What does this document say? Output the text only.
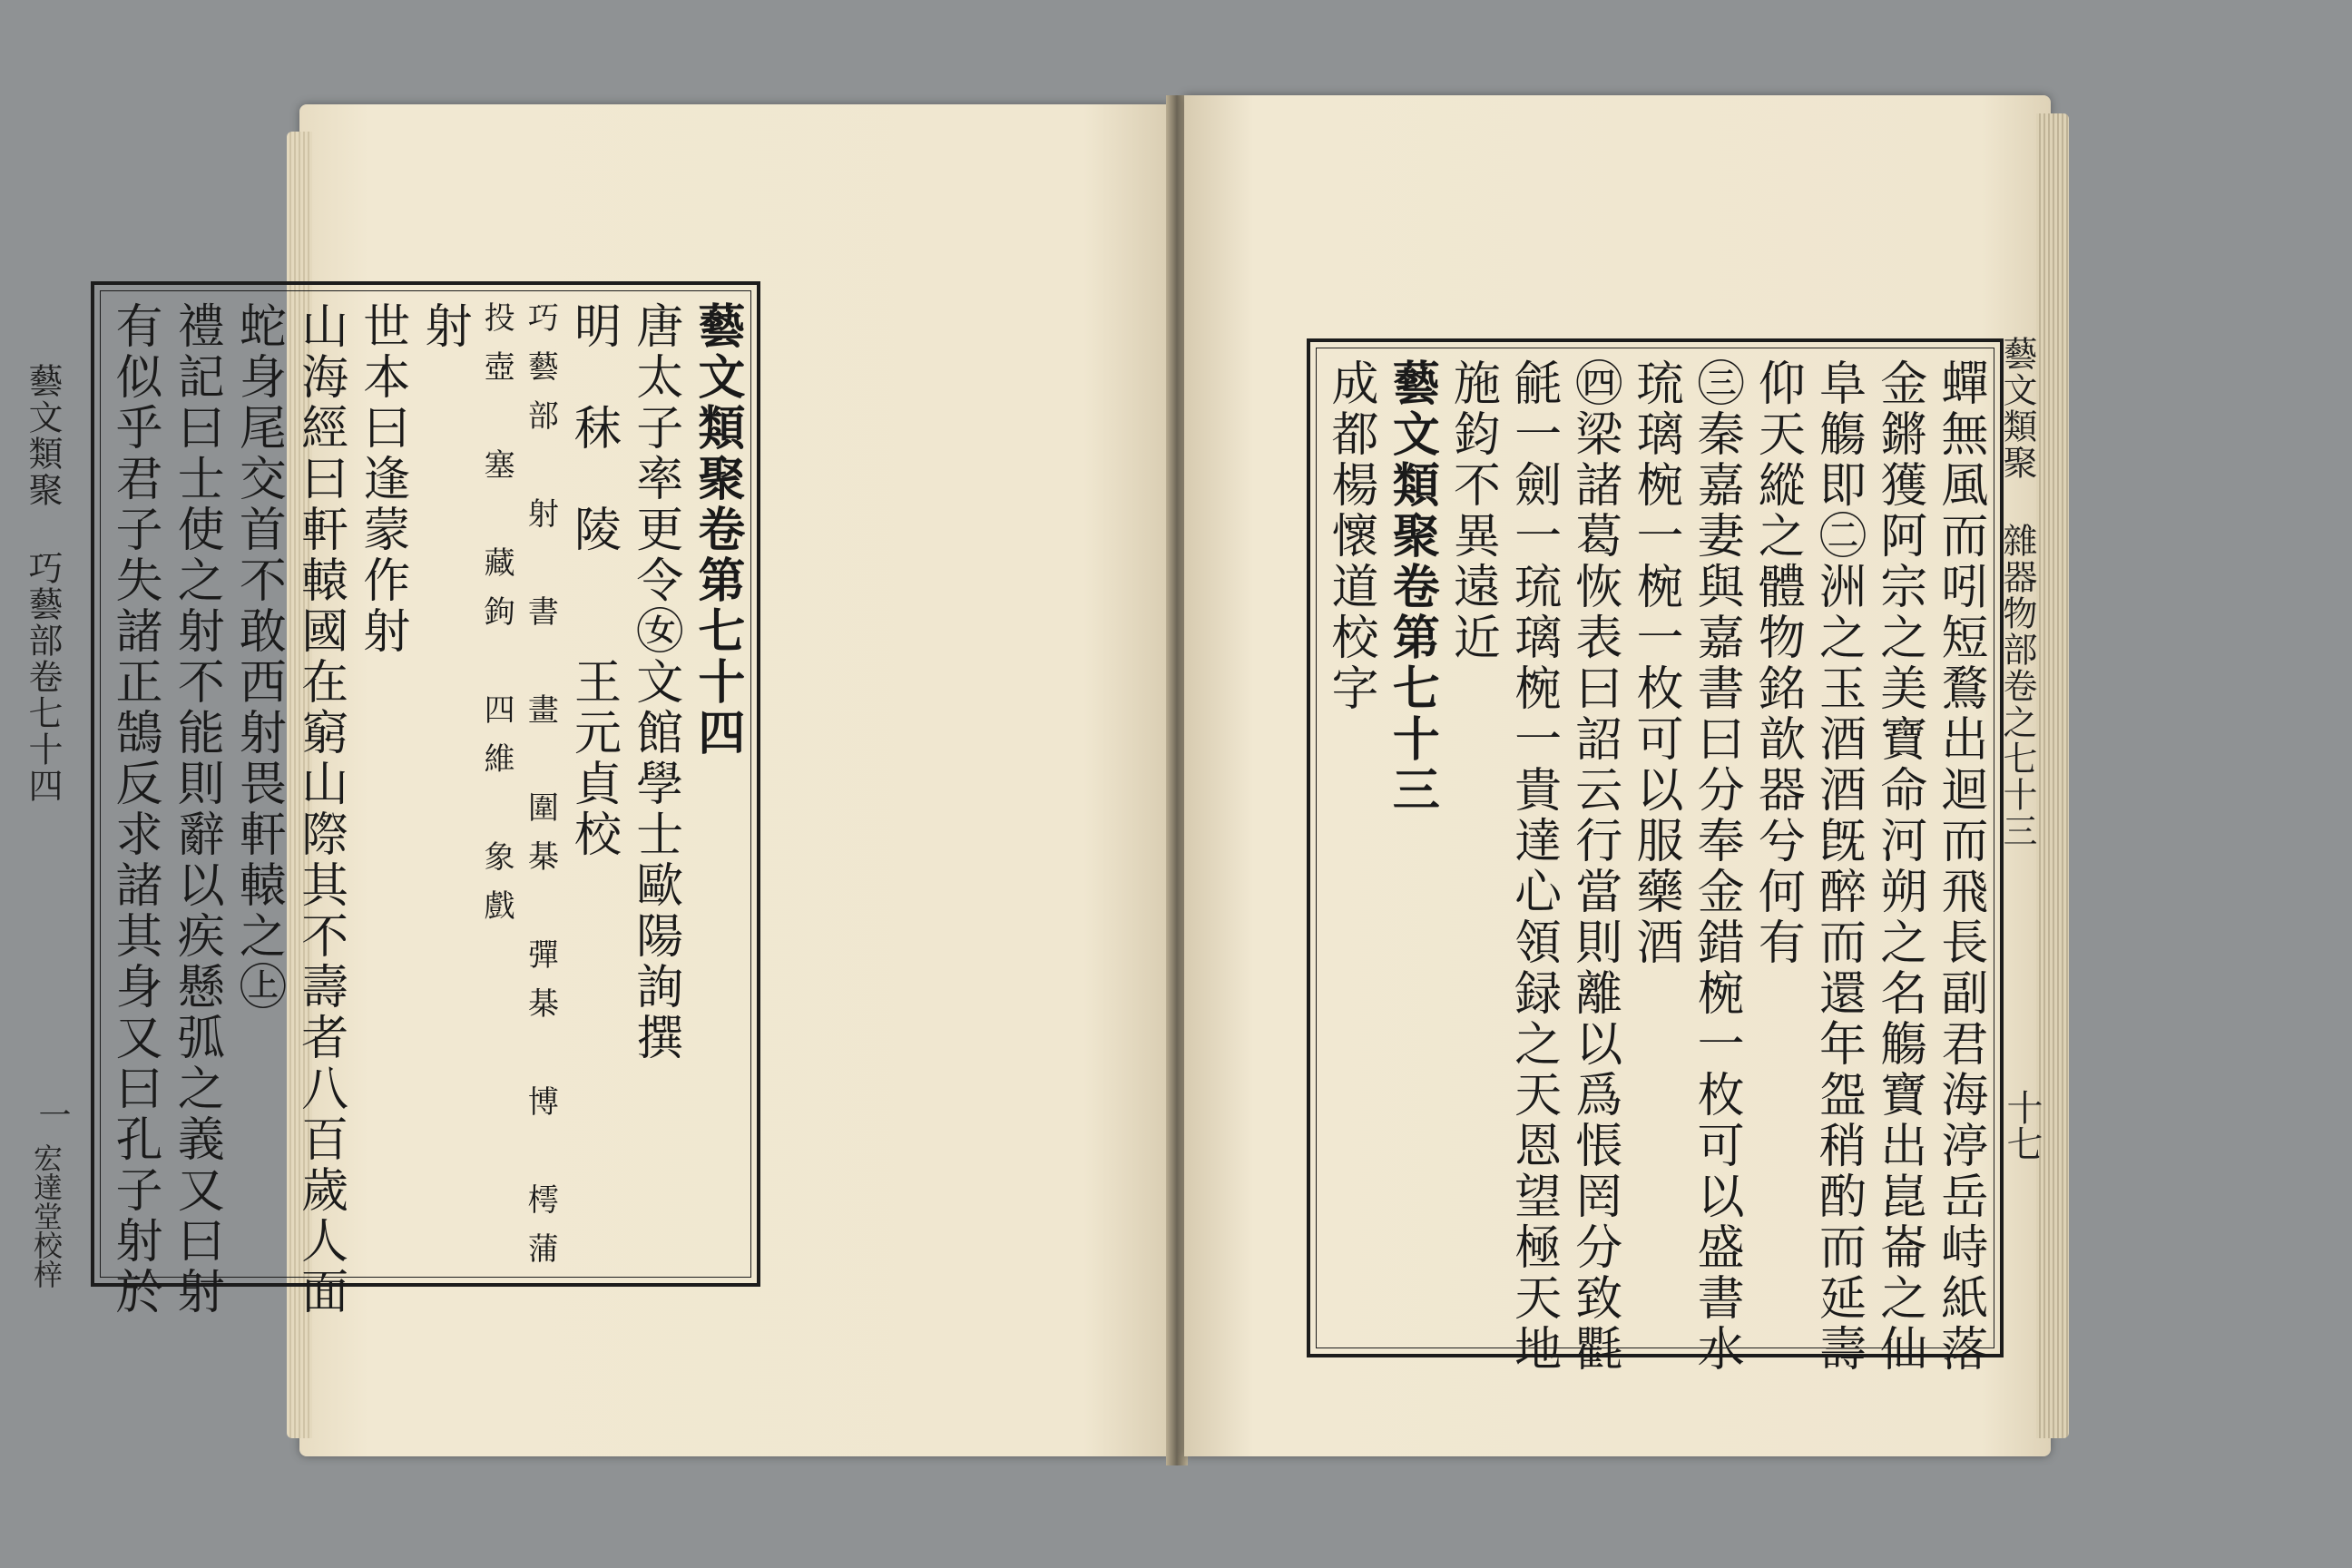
藝文類聚 巧藝部卷七十四
一
宏達堂校梓
藝文類聚卷第七十四
唐太子率更令㊛文館學士歐陽詢撰
明　秣　陵　　王元貞校
巧藝部　射　書　畫　圍棊　彈棊　博　樗蒲
投壺　塞　藏鉤　四維　象戲
射
世本曰逢蒙作射
山海經曰軒轅國在窮山際其不壽者八百歲人面
蛇身尾交首不敢西射畏軒轅之㊤
禮記曰士使之射不能則辭以疾懸弧之義又曰射
有似乎君子失諸正鵠反求諸其身又曰孔子射於	蟬無風而吲短鶩出迴而飛長副君海渟岳峙紙落
金鏘獲阿宗之美寶命河朔之名觴寶出崑崙之仙
阜觴即㊁洲之玉酒酒旣醉而還年盌稍酌而延壽
仰天縱之體物銘歆器兮何有
㊂秦嘉妻與嘉書曰分奉金錯椀一枚可以盛書水
琉璃椀一椀一枚可以服藥酒
㊃梁諸葛恢表曰詔云行當則離以爲悵罔分致氍
毹一劍一琉璃椀一貴達心領録之天恩望極天地
施鈞不異遠近
藝文類聚卷第七十三
成都楊懷道校字	藝文類聚 雜器物部卷之七十三
十七
